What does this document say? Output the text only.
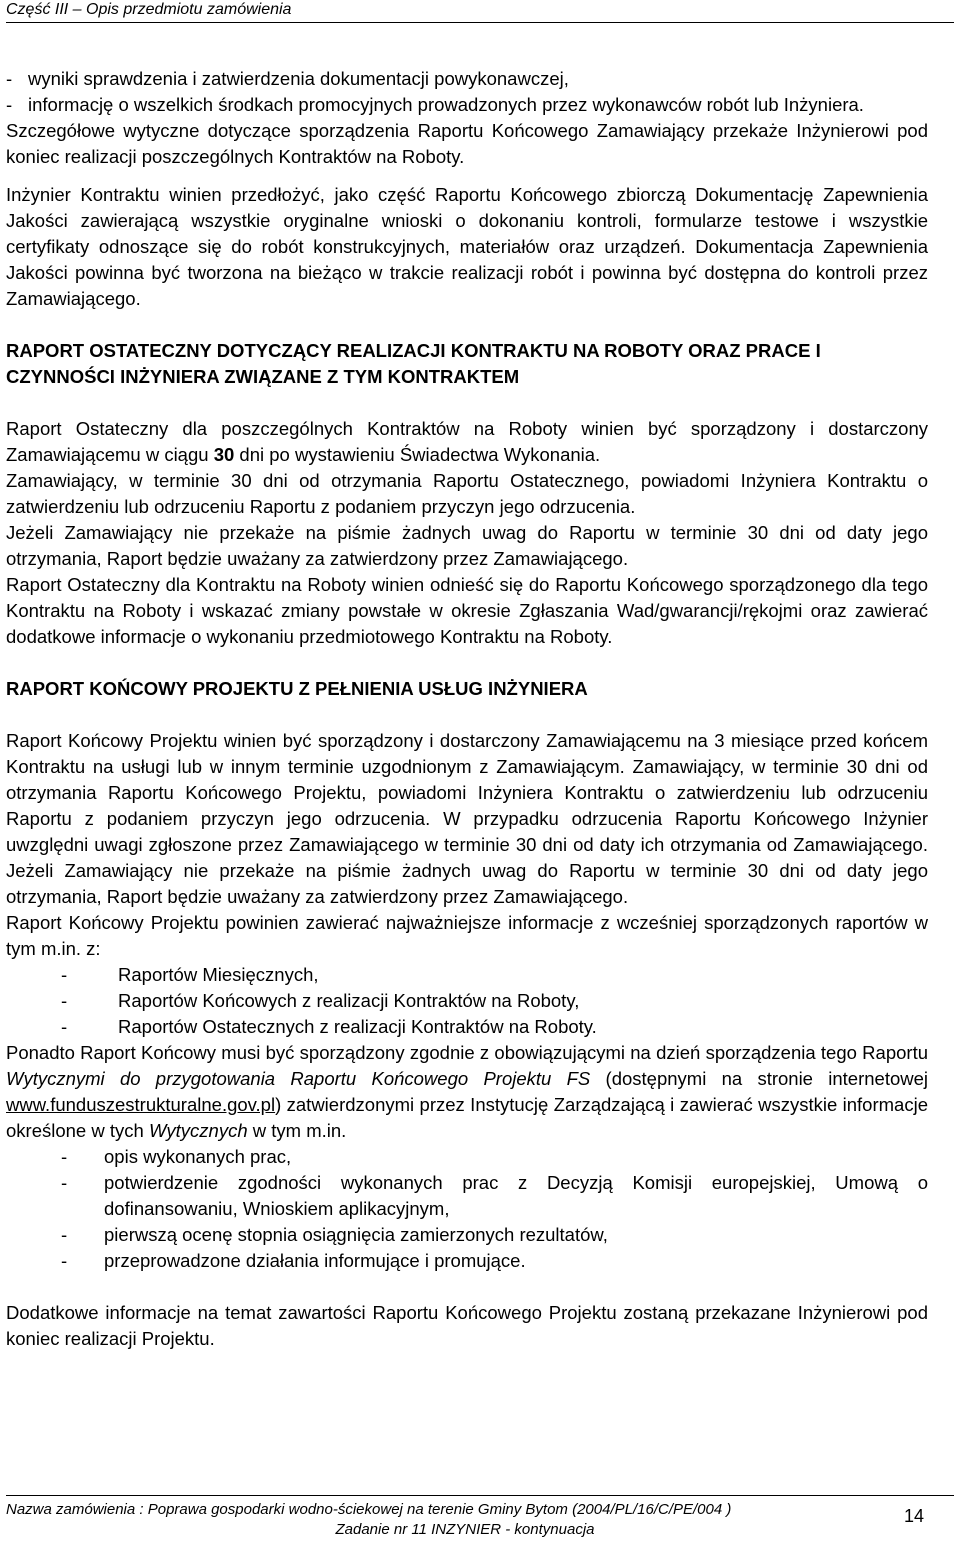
Część III – Opis przedmiotu zamówienia
- wyniki sprawdzenia i zatwierdzenia dokumentacji powykonawczej,
- informację o wszelkich środkach promocyjnych prowadzonych przez wykonawców robót lub Inżyniera.

Szczegółowe wytyczne dotyczące sporządzenia Raportu Końcowego Zamawiający przekaże Inżynierowi pod koniec realizacji poszczególnych Kontraktów na Roboty.

Inżynier Kontraktu winien przedłożyć, jako część Raportu Końcowego zbiorczą Dokumentację Zapewnienia Jakości zawierającą wszystkie oryginalne wnioski o dokonaniu kontroli, formularze testowe i wszystkie certyfikaty odnoszące się do robót konstrukcyjnych, materiałów oraz urządzeń. Dokumentacja Zapewnienia Jakości powinna być tworzona na bieżąco w trakcie realizacji robót i powinna być dostępna do kontroli przez Zamawiającego.

RAPORT OSTATECZNY DOTYCZĄCY REALIZACJI KONTRAKTU NA ROBOTY ORAZ PRACE I CZYNNOŚCI INŻYNIERA ZWIĄZANE Z TYM KONTRAKTEM

Raport Ostateczny dla poszczególnych Kontraktów na Roboty winien być sporządzony i dostarczony Zamawiającemu w ciągu 30 dni po wystawieniu Świadectwa Wykonania.

Zamawiający, w terminie 30 dni od otrzymania Raportu Ostatecznego, powiadomi Inżyniera Kontraktu o zatwierdzeniu lub odrzuceniu Raportu z podaniem przyczyn jego odrzucenia.

Jeżeli Zamawiający nie przekaże na piśmie żadnych uwag do Raportu w terminie 30 dni od daty jego otrzymania, Raport będzie uważany za zatwierdzony przez Zamawiającego.

Raport Ostateczny dla Kontraktu na Roboty winien odnieść się do Raportu Końcowego sporządzonego dla tego Kontraktu na Roboty i wskazać zmiany powstałe w okresie Zgłaszania Wad/gwarancji/rękojmi oraz zawierać dodatkowe informacje o wykonaniu przedmiotowego Kontraktu na Roboty.

RAPORT KOŃCOWY PROJEKTU Z PEŁNIENIA USŁUG INŻYNIERA

Raport Końcowy Projektu winien być sporządzony i dostarczony Zamawiającemu na 3 miesiące przed końcem Kontraktu na usługi lub w innym terminie uzgodnionym z Zamawiającym. Zamawiający, w terminie 30 dni od otrzymania Raportu Końcowego Projektu, powiadomi Inżyniera Kontraktu o zatwierdzeniu lub odrzuceniu Raportu z podaniem przyczyn jego odrzucenia. W przypadku odrzucenia Raportu Końcowego Inżynier uwzględni uwagi zgłoszone przez Zamawiającego w terminie 30 dni od daty ich otrzymania od Zamawiającego. Jeżeli Zamawiający nie przekaże na piśmie żadnych uwag do Raportu w terminie 30 dni od daty jego otrzymania, Raport będzie uważany za zatwierdzony przez Zamawiającego.

Raport Końcowy Projektu powinien zawierać najważniejsze informacje z wcześniej sporządzonych raportów w tym m.in. z:

-	Raportów Miesięcznych,
-	Raportów Końcowych z realizacji Kontraktów na Roboty,
-	Raportów Ostatecznych z realizacji Kontraktów na Roboty.

Ponadto Raport Końcowy musi być sporządzony zgodnie z obowiązującymi na dzień sporządzenia tego Raportu Wytycznymi do przygotowania Raportu Końcowego Projektu FS (dostępnymi na stronie internetowej www.funduszestrukturalne.gov.pl) zatwierdzonymi przez Instytucję Zarządzającą i zawierać wszystkie informacje określone w tych Wytycznych w tym m.in.

-	opis wykonanych prac,
-	potwierdzenie zgodności wykonanych prac z Decyzją Komisji europejskiej, Umową o dofinansowaniu, Wnioskiem aplikacyjnym,
-	pierwszą ocenę stopnia osiągnięcia zamierzonych rezultatów,
-	przeprowadzone działania informujące i promujące.

Dodatkowe informacje na temat zawartości Raportu Końcowego Projektu zostaną przekazane Inżynierowi pod koniec realizacji Projektu.

Nazwa zamówienia : Poprawa gospodarki wodno-ściekowej na terenie Gminy Bytom (2004/PL/16/C/PE/004 )
Zadanie nr 11 INZYNIER - kontynuacja
14
